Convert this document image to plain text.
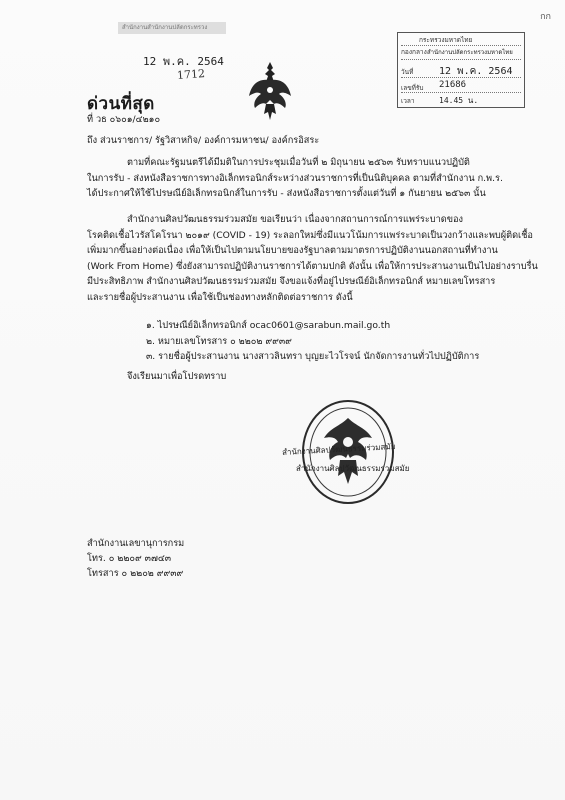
กก
สำนักงานสำนักงานปลัดกระทรวง
12 พ.ค. 2564
1712
กระทรวงมหาดไทย
กองกลาง สำนักงานปลัดกระทรวงมหาดไทย
วันที่	12 พ.ค. 2564
เลขที่รับ 21686
เวลา	14.45 น.
ด่วนที่สุด
ที่ วธ ๐๖๐๑/๔๒๑๐
ถึง ส่วนราชการ/ รัฐวิสาหกิจ/ องค์การมหาชน/ องค์กรอิสระ

ตามที่คณะรัฐมนตรีได้มีมติในการประชุมเมื่อวันที่ ๒ มิถุนายน ๒๕๖๓ รับทราบแนวปฏิบัติ

ในการรับ - ส่งหนังสือราชการทางอิเล็กทรอนิกส์ระหว่างส่วนราชการที่เป็นนิติบุคคล ตามที่สำนักงาน ก.พ.ร.

ได้ประกาศให้ใช้ไปรษณีย์อิเล็กทรอนิกส์ในการรับ - ส่งหนังสือราชการตั้งแต่วันที่ ๑ กันยายน ๒๕๖๓ นั้น

สำนักงานศิลปวัฒนธรรมร่วมสมัย ขอเรียนว่า เนื่องจากสถานการณ์การแพร่ระบาดของ

โรคติดเชื้อไวรัสโคโรนา ๒๐๑๙ (COVID - 19) ระลอกใหม่ซึ่งมีแนวโน้มการแพร่ระบาดเป็นวงกว้างและพบผู้ติดเชื้อ

เพิ่มมากขึ้นอย่างต่อเนื่อง เพื่อให้เป็นไปตามนโยบายของรัฐบาลตามมาตรการปฏิบัติงานนอกสถานที่ทำงาน

(Work From Home) ซึ่งยังสามารถปฏิบัติงานราชการได้ตามปกติ ดังนั้น เพื่อให้การประสานงานเป็นไปอย่างราบรื่น

มีประสิทธิภาพ สำนักงานศิลปวัฒนธรรมร่วมสมัย จึงขอแจ้งที่อยู่ไปรษณีย์อิเล็กทรอนิกส์ หมายเลขโทรสาร

และรายชื่อผู้ประสานงาน เพื่อใช้เป็นช่องทางหลักติดต่อราชการ ดังนี้

๑. ไปรษณีย์อิเล็กทรอนิกส์ ocac0601@sarabun.mail.go.th
๒. หมายเลขโทรสาร ๐ ๒๒๐๒ ๙๙๓๙
๓. รายชื่อผู้ประสานงาน นางสาวลินทรา บุญยะไวโรจน์ นักจัดการงานทั่วไปปฏิบัติการ
จึงเรียนมาเพื่อโปรดทราบ
สำนักงานศิลปวัฒนธรรมร่วมสมัย
สำนักงานศิลปวัฒนธรรมร่วมสมัย
สำนักงานเลขานุการกรม
โทร. ๐ ๒๒๐๙ ๓๗๔๓
โทรสาร ๐ ๒๒๐๒ ๙๙๓๙
